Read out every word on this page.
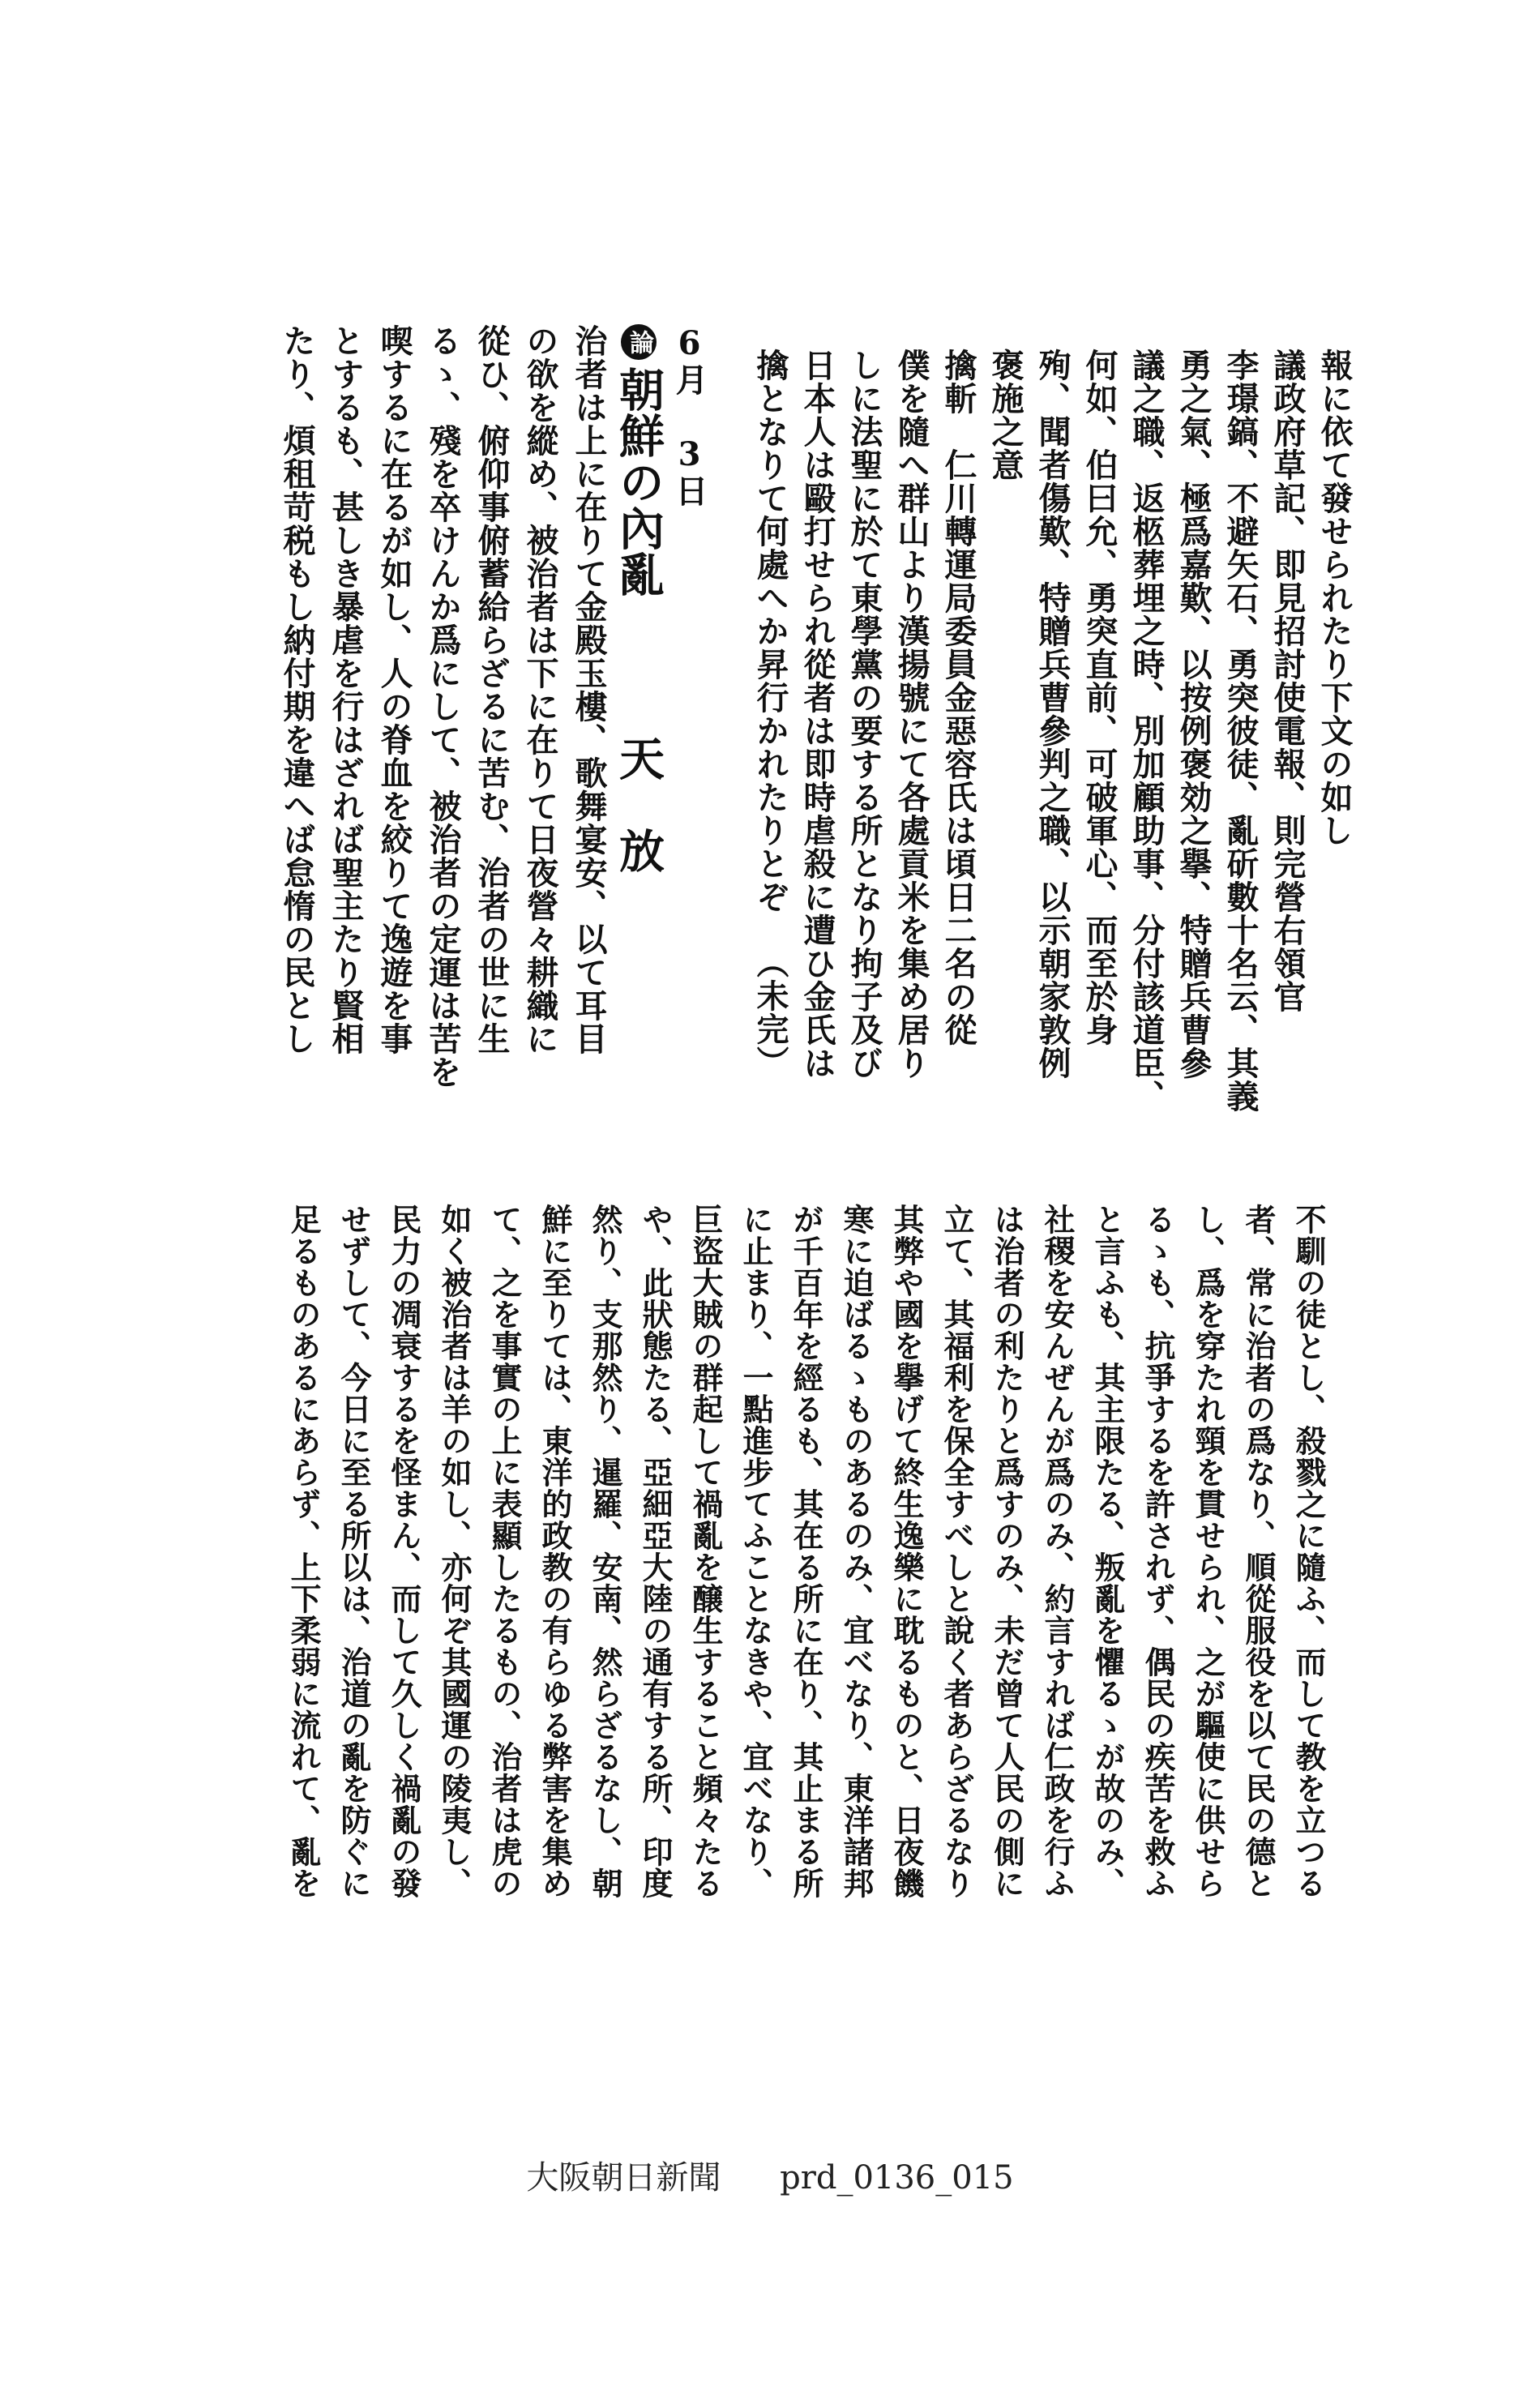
報に依て發せられたり下文の如し
議政府草記、即見招討使電報、則完營右領官
李璟鎬、不避矢石、勇突彼徒、亂斫數十名云、其義
勇之氣、極爲嘉歎、以按例褒効之擧、特贈兵曹參
議之職、返柩葬埋之時、別加顧助事、分付該道臣、
何如、伯曰允、勇突直前、可破軍心、而至於身
殉、聞者傷歎、特贈兵曹參判之職、以示朝家敦例
褒施之意
擒斬　仁川轉運局委員金惡容氏は頃日二名の從
僕を隨へ群山より漢揚號にて各處貢米を集め居り
しに法聖に於て東學黨の要する所となり拘子及び
日本人は毆打せられ從者は即時虐殺に遭ひ金氏は
擒となりて何處へか昇行かれたりとぞ（未完）
6月 3日
論朝鮮の內亂天　放
治者は上に在りて金殿玉樓、歌舞宴安、以て耳目
の欲を縱め、被治者は下に在りて日夜營々耕織に
從ひ、俯仰事俯蓄給らざるに苦む、治者の世に生
るゝ、殘を卒けんか爲にして、被治者の定運は苦を
喫するに在るが如し、人の脊血を絞りて逸遊を事
とするも、甚しき暴虐を行はざれば聖主たり賢相
たり、煩租苛税もし納付期を違へば怠惰の民とし
不馴の徒とし、殺戮之に隨ふ、而して教を立つる
者、常に治者の爲なり、順從服役を以て民の德と
し、爲を穿たれ頸を貫せられ、之が驅使に供せら
るゝも、抗爭するを許されず、偶民の疾苦を救ふ
と言ふも、其主限たる、叛亂を懼るゝが故のみ、
社稷を安んぜんが爲のみ、約言すれば仁政を行ふ
は治者の利たりと爲すのみ、未だ曾て人民の側に
立て、其福利を保全すべしと說く者あらざるなり
其弊や國を擧げて終生逸樂に耽るものと、日夜饑
寒に迫ばるゝものあるのみ、宜べなり、東洋諸邦
が千百年を經るも、其在る所に在り、其止まる所
に止まり、一點進步てふことなきや、宜べなり、
巨盜大賊の群起して禍亂を醸生すること頻々たる
や、此狀態たる、亞細亞大陸の通有する所、印度
然り、支那然り、暹羅、安南、然らざるなし、朝
鮮に至りては、東洋的政教の有らゆる弊害を集め
て、之を事實の上に表顯したるもの、治者は虎の
如く被治者は羊の如し、亦何ぞ其國運の陵夷し、
民力の凋衰するを怪まん、而して久しく禍亂の發
せずして、今日に至る所以は、治道の亂を防ぐに
足るものあるにあらず、上下柔弱に流れて、亂を
大阪朝日新聞 prd_0136_015
